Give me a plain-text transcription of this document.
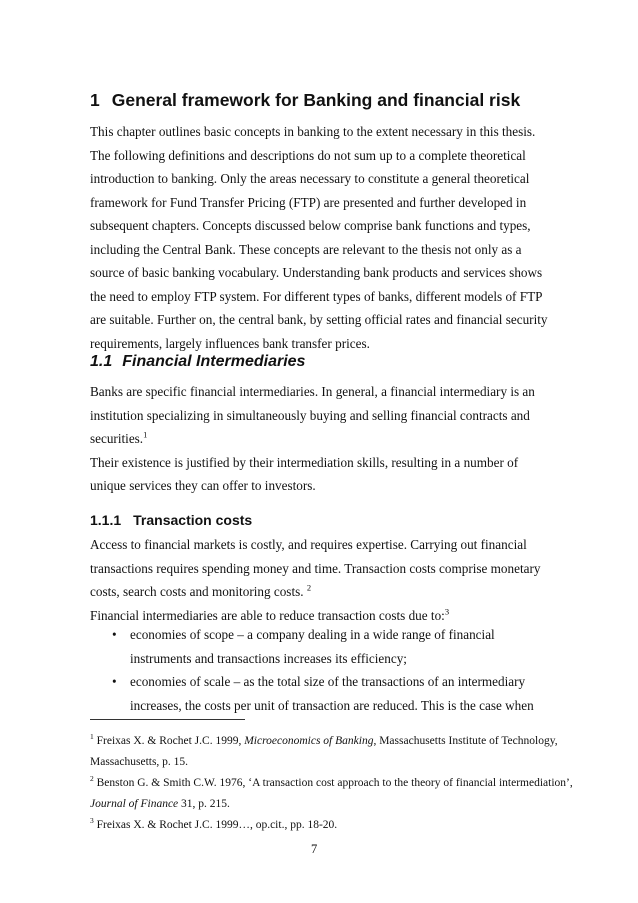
1 General framework for Banking and financial risk
This chapter outlines basic concepts in banking to the extent necessary in this thesis.
The following definitions and descriptions do not sum up to a complete theoretical
introduction to banking. Only the areas necessary to constitute a general theoretical
framework for Fund Transfer Pricing (FTP) are presented and further developed in
subsequent chapters. Concepts discussed below comprise bank functions and types,
including the Central Bank. These concepts are relevant to the thesis not only as a
source of basic banking vocabulary. Understanding bank products and services shows
the need to employ FTP system. For different types of banks, different models of FTP
are suitable. Further on, the central bank, by setting official rates and financial security
requirements, largely influences bank transfer prices.
1.1 Financial Intermediaries
Banks are specific financial intermediaries. In general, a financial intermediary is an
institution specializing in simultaneously buying and selling financial contracts and
securities.$^1$
Their existence is justified by their intermediation skills, resulting in a number of
unique services they can offer to investors.
1.1.1 Transaction costs
Access to financial markets is costly, and requires expertise. Carrying out financial
transactions requires spending money and time. Transaction costs comprise monetary
costs, search costs and monitoring costs. $^2$
Financial intermediaries are able to reduce transaction costs due to:$^3$
• economies of scope – a company dealing in a wide range of financial
instruments and transactions increases its efficiency;
• economies of scale – as the total size of the transactions of an intermediary
increases, the costs per unit of transaction are reduced. This is the case when
$^1$ Freixas X. & Rochet J.C. 1999, Microeconomics of Banking, Massachusetts Institute of Technology,
Massachusetts, p. 15.
$^2$ Benston G. & Smith C.W. 1976, ‘A transaction cost approach to the theory of financial intermediation’,
Journal of Finance 31, p. 215.
$^3$ Freixas X. & Rochet J.C. 1999…, op.cit., pp. 18-20.
7
